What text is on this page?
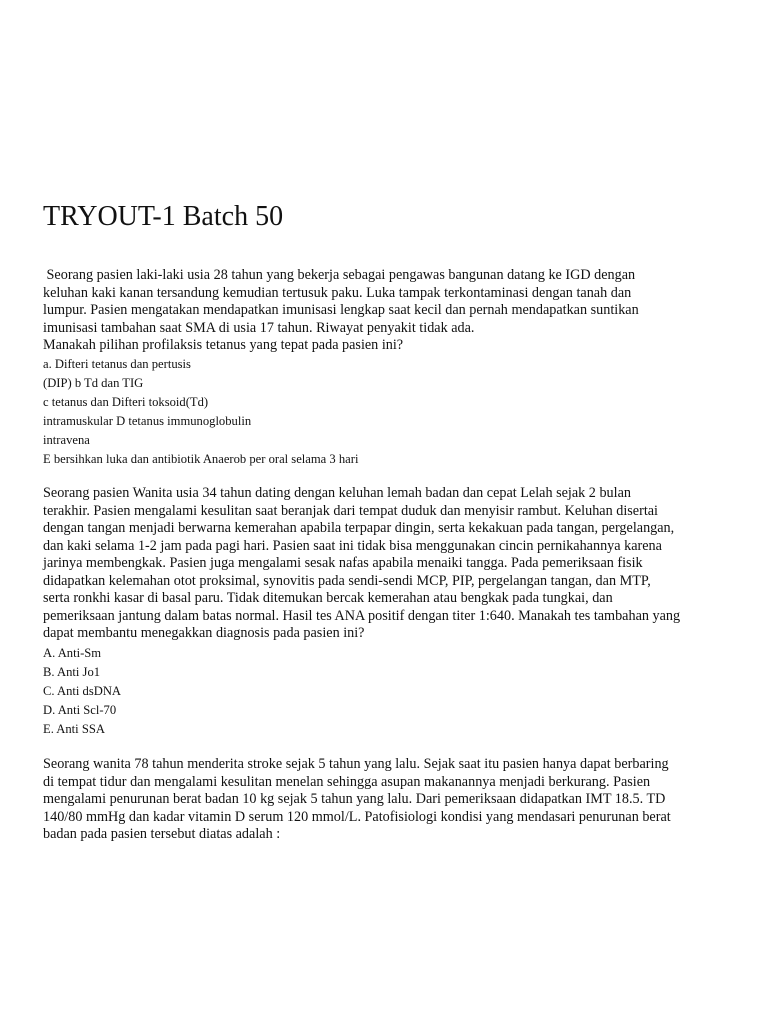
TRYOUT-1 Batch 50

Seorang pasien laki-laki usia 28 tahun yang bekerja sebagai pengawas bangunan datang ke IGD dengan
keluhan kaki kanan tersandung kemudian tertusuk paku. Luka tampak terkontaminasi dengan tanah dan
lumpur. Pasien mengatakan mendapatkan imunisasi lengkap saat kecil dan pernah mendapatkan suntikan
imunisasi tambahan saat SMA di usia 17 tahun. Riwayat penyakit tidak ada.
Manakah pilihan profilaksis tetanus yang tepat pada pasien ini?

a. Difteri tetanus dan pertusis
(DIP) b Td dan TIG
c tetanus dan Difteri toksoid(Td)
intramuskular D tetanus immunoglobulin
intravena
E bersihkan luka dan antibiotik Anaerob per oral selama 3 hari

Seorang pasien Wanita usia 34 tahun dating dengan keluhan lemah badan dan cepat Lelah sejak 2 bulan
terakhir. Pasien mengalami kesulitan saat beranjak dari tempat duduk dan menyisir rambut. Keluhan disertai
dengan tangan menjadi berwarna kemerahan apabila terpapar dingin, serta kekakuan pada tangan, pergelangan,
dan kaki selama 1-2 jam pada pagi hari. Pasien saat ini tidak bisa menggunakan cincin pernikahannya karena
jarinya membengkak. Pasien juga mengalami sesak nafas apabila menaiki tangga. Pada pemeriksaan fisik
didapatkan kelemahan otot proksimal, synovitis pada sendi-sendi MCP, PIP, pergelangan tangan, dan MTP,
serta ronkhi kasar di basal paru. Tidak ditemukan bercak kemerahan atau bengkak pada tungkai, dan
pemeriksaan jantung dalam batas normal. Hasil tes ANA positif dengan titer 1:640. Manakah tes tambahan yang
dapat membantu menegakkan diagnosis pada pasien ini?

A. Anti-Sm
B. Anti Jo1
C. Anti dsDNA
D. Anti Scl-70
E. Anti SSA

Seorang wanita 78 tahun menderita stroke sejak 5 tahun yang lalu. Sejak saat itu pasien hanya dapat berbaring
di tempat tidur dan mengalami kesulitan menelan sehingga asupan makanannya menjadi berkurang. Pasien
mengalami penurunan berat badan 10 kg sejak 5 tahun yang lalu. Dari pemeriksaan didapatkan IMT 18.5. TD
140/80 mmHg dan kadar vitamin D serum 120 mmol/L. Patofisiologi kondisi yang mendasari penurunan berat
badan pada pasien tersebut diatas adalah :
